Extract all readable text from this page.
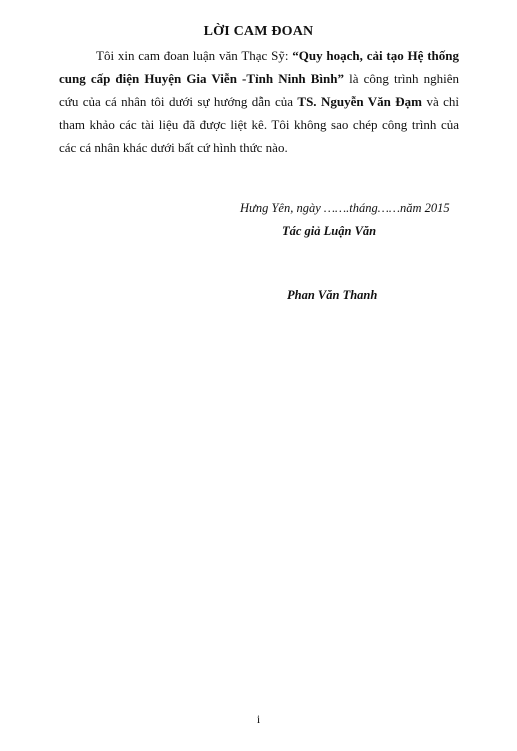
LỜI CAM ĐOAN
Tôi xin cam đoan luận văn Thạc Sỹ: “Quy hoạch, cải tạo Hệ thống cung cấp điện Huyện Gia Viễn -Tỉnh Ninh Bình” là công trình nghiên cứu của cá nhân tôi dưới sự hướng dẫn của TS. Nguyễn Văn Đạm và chỉ tham khảo các tài liệu đã được liệt kê. Tôi không sao chép công trình của các cá nhân khác dưới bất cứ hình thức nào.
Hưng Yên, ngày …….tháng……năm 2015
Tác giả Luận Văn
Phan Văn Thanh
i
